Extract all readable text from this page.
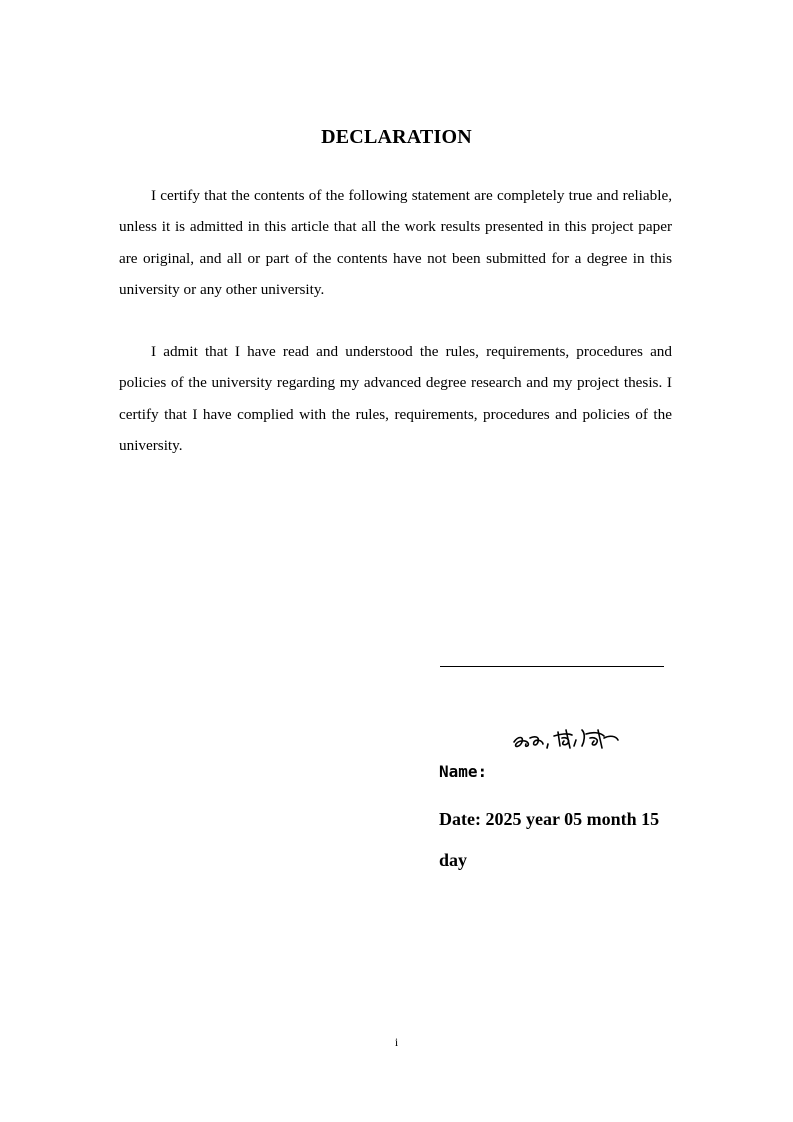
DECLARATION

I certify that the contents of the following statement are completely true and reliable, unless it is admitted in this article that all the work results presented in this project paper are original, and all or part of the contents have not been submitted for a degree in this university or any other university.

I admit that I have read and understood the rules, requirements, procedures and policies of the university regarding my advanced degree research and my project thesis. I certify that I have complied with the rules, requirements, procedures and policies of the university.

Name:
Date: 2025 year 05 month 15 day
i
